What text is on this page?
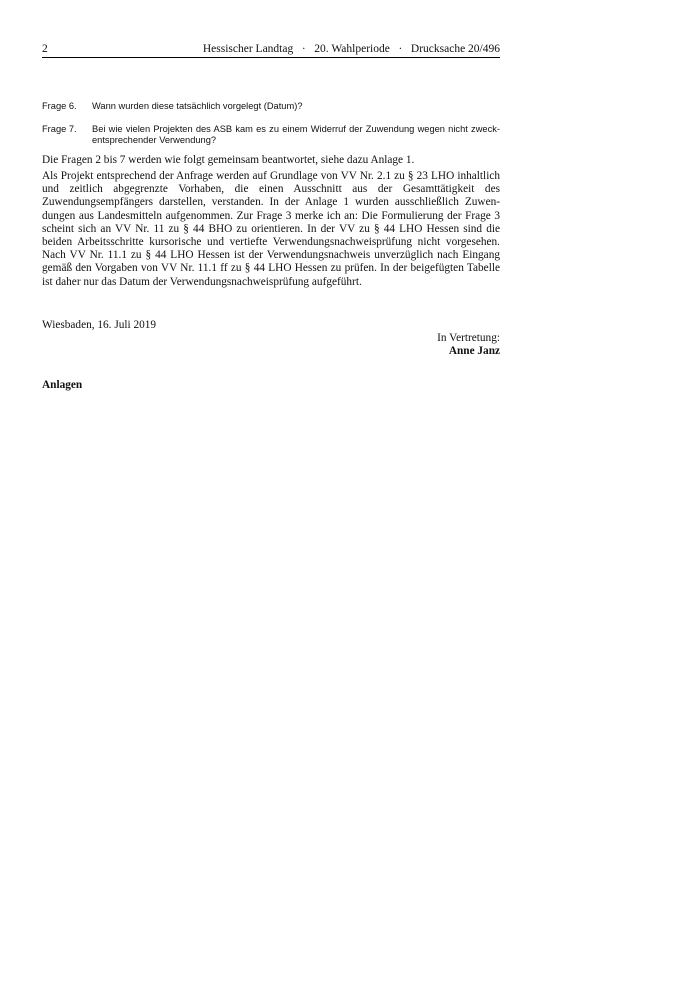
2	Hessischer Landtag   ·   20. Wahlperiode   ·   Drucksache 20/496
Frage 6. Wann wurden diese tatsächlich vorgelegt (Datum)?
Frage 7. Bei wie vielen Projekten des ASB kam es zu einem Widerruf der Zuwendung wegen nicht zweckentsprechender Verwendung?

Die Fragen 2 bis 7 werden wie folgt gemeinsam beantwortet, siehe dazu Anlage 1.

Als Projekt entsprechend der Anfrage werden auf Grundlage von VV Nr. 2.1 zu § 23 LHO inhaltlich und zeitlich abgegrenzte Vorhaben, die einen Ausschnitt aus der Gesamttätigkeit des Zuwendungsempfängers darstellen, verstanden. In der Anlage 1 wurden ausschließlich Zuwendungen aus Landesmitteln aufgenommen. Zur Frage 3 merke ich an: Die Formulierung der Frage 3 scheint sich an VV Nr. 11 zu § 44 BHO zu orientieren. In der VV zu § 44 LHO Hessen sind die beiden Arbeitsschritte kursorische und vertiefte Verwendungsnachweisprüfung nicht vorgesehen. Nach VV Nr. 11.1 zu § 44 LHO Hessen ist der Verwendungsnachweis unverzüglich nach Eingang gemäß den Vorgaben von VV Nr. 11.1 ff zu § 44 LHO Hessen zu prüfen. In der beigefügten Tabelle ist daher nur das Datum der Verwendungsnachweisprüfung aufgeführt.

Wiesbaden, 16. Juli 2019
In Vertretung:
Anne Janz
Anlagen
